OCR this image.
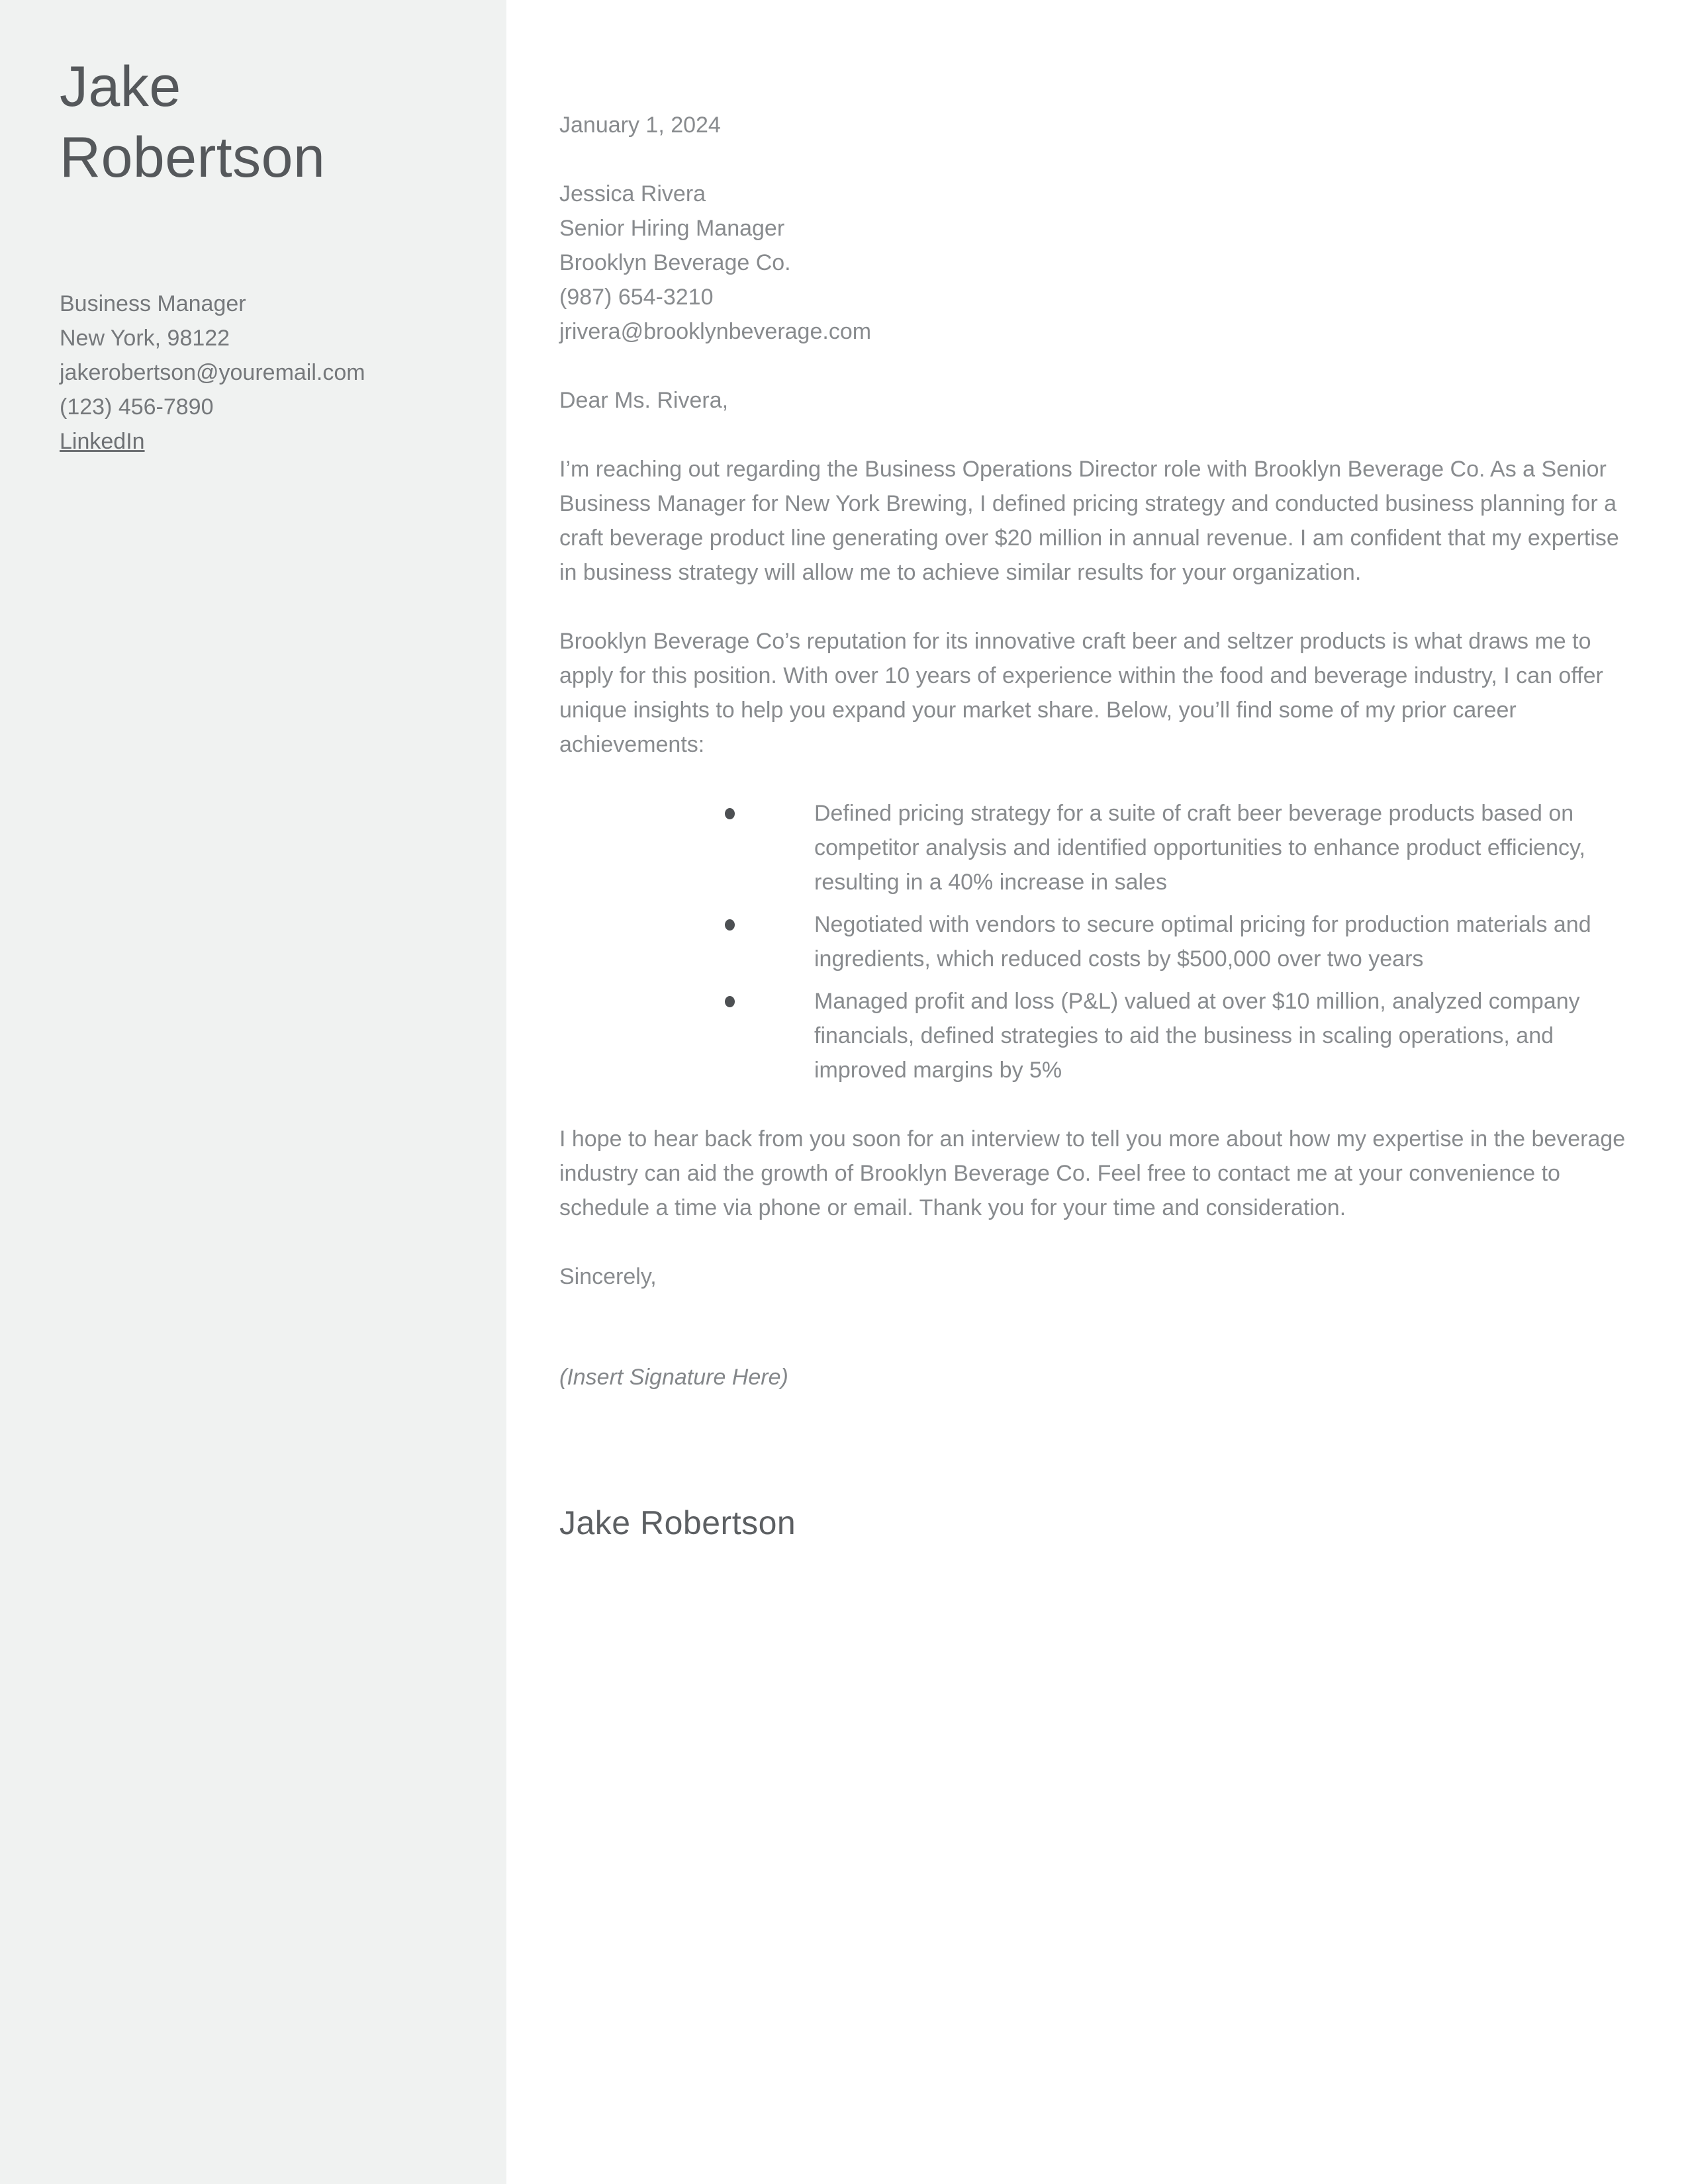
Jake
Robertson
Business Manager
New York, 98122
jakerobertson@youremail.com
(123) 456-7890
LinkedIn

January 1, 2024

Jessica Rivera
Senior Hiring Manager
Brooklyn Beverage Co.
(987) 654-3210
jrivera@brooklynbeverage.com

Dear Ms. Rivera,

I’m reaching out regarding the Business Operations Director role with Brooklyn Beverage Co. As a Senior Business Manager for New York Brewing, I defined pricing strategy and conducted business planning for a craft beverage product line generating over $20 million in annual revenue. I am confident that my expertise in business strategy will allow me to achieve similar results for your organization.

Brooklyn Beverage Co’s reputation for its innovative craft beer and seltzer products is what draws me to apply for this position. With over 10 years of experience within the food and beverage industry, I can offer unique insights to help you expand your market share. Below, you’ll find some of my prior career achievements:

Defined pricing strategy for a suite of craft beer beverage products based on competitor analysis and identified opportunities to enhance product efficiency, resulting in a 40% increase in sales
Negotiated with vendors to secure optimal pricing for production materials and ingredients, which reduced costs by $500,000 over two years
Managed profit and loss (P&L) valued at over $10 million, analyzed company financials, defined strategies to aid the business in scaling operations, and improved margins by 5%

I hope to hear back from you soon for an interview to tell you more about how my expertise in the beverage industry can aid the growth of Brooklyn Beverage Co. Feel free to contact me at your convenience to schedule a time via phone or email. Thank you for your time and consideration.

Sincerely,

(Insert Signature Here)

Jake Robertson
